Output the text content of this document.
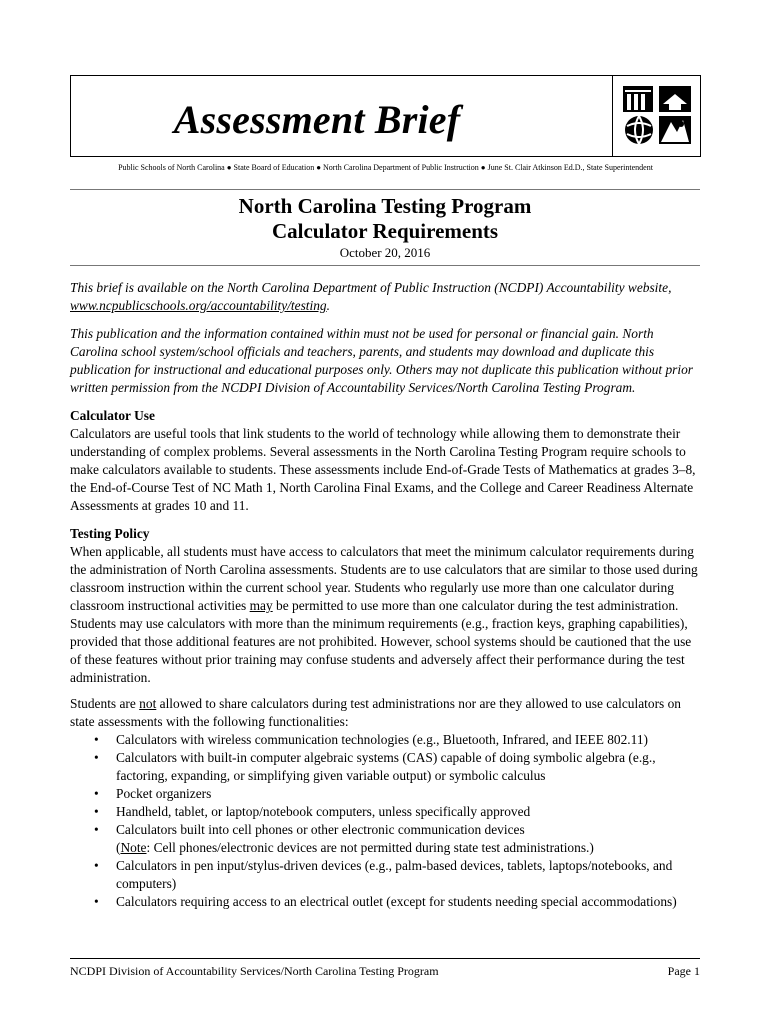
Assessment Brief
Public Schools of North Carolina ● State Board of Education ● North Carolina Department of Public Instruction ● June St. Clair Atkinson Ed.D., State Superintendent
North Carolina Testing Program
Calculator Requirements
October 20, 2016
This brief is available on the North Carolina Department of Public Instruction (NCDPI) Accountability website, www.ncpublicschools.org/accountability/testing.
This publication and the information contained within must not be used for personal or financial gain. North Carolina school system/school officials and teachers, parents, and students may download and duplicate this publication for instructional and educational purposes only. Others may not duplicate this publication without prior written permission from the NCDPI Division of Accountability Services/North Carolina Testing Program.
Calculator Use
Calculators are useful tools that link students to the world of technology while allowing them to demonstrate their understanding of complex problems. Several assessments in the North Carolina Testing Program require schools to make calculators available to students. These assessments include End-of-Grade Tests of Mathematics at grades 3–8, the End-of-Course Test of NC Math 1, North Carolina Final Exams, and the College and Career Readiness Alternate Assessments at grades 10 and 11.
Testing Policy
When applicable, all students must have access to calculators that meet the minimum calculator requirements during the administration of North Carolina assessments. Students are to use calculators that are similar to those used during classroom instruction within the current school year. Students who regularly use more than one calculator during classroom instructional activities may be permitted to use more than one calculator during the test administration. Students may use calculators with more than the minimum requirements (e.g., fraction keys, graphing capabilities), provided that those additional features are not prohibited. However, school systems should be cautioned that the use of these features without prior training may confuse students and adversely affect their performance during the test administration.
Students are not allowed to share calculators during test administrations nor are they allowed to use calculators on state assessments with the following functionalities:
• Calculators with wireless communication technologies (e.g., Bluetooth, Infrared, and IEEE 802.11)
• Calculators with built-in computer algebraic systems (CAS) capable of doing symbolic algebra (e.g., factoring, expanding, or simplifying given variable output) or symbolic calculus
• Pocket organizers
• Handheld, tablet, or laptop/notebook computers, unless specifically approved
• Calculators built into cell phones or other electronic communication devices
(Note: Cell phones/electronic devices are not permitted during state test administrations.)
• Calculators in pen input/stylus-driven devices (e.g., palm-based devices, tablets, laptops/notebooks, and computers)
• Calculators requiring access to an electrical outlet (except for students needing special accommodations)
NCDPI Division of Accountability Services/North Carolina Testing Program	Page 1
